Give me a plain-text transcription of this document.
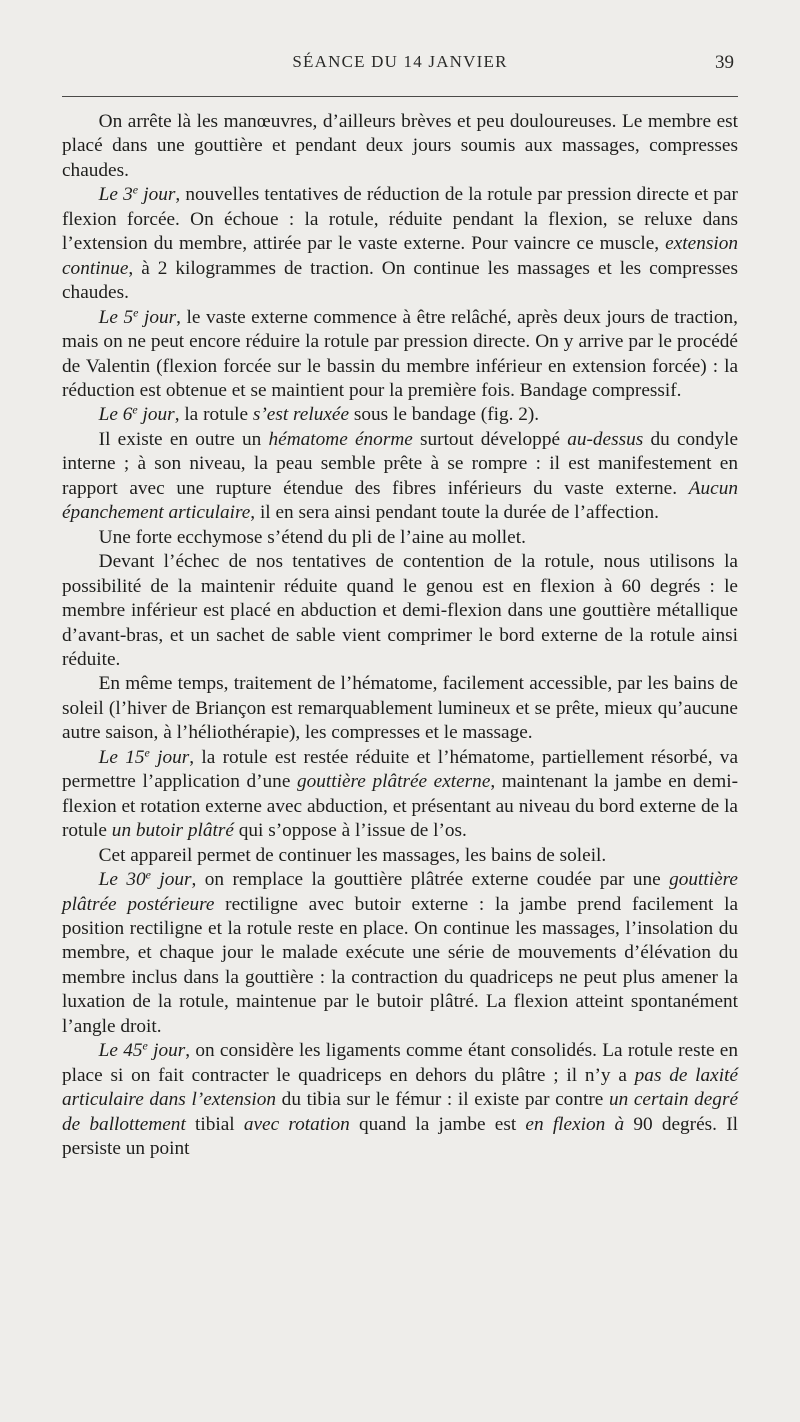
SÉANCE DU 14 JANVIER	39

On arrête là les manœuvres, d’ailleurs brèves et peu douloureuses. Le membre est placé dans une gouttière et pendant deux jours soumis aux massages, compresses chaudes.

Le 3e jour, nouvelles tentatives de réduction de la rotule par pression directe et par flexion forcée. On échoue : la rotule, réduite pendant la flexion, se reluxe dans l’extension du membre, attirée par le vaste externe. Pour vaincre ce muscle, extension continue, à 2 kilogrammes de traction. On continue les massages et les compresses chaudes.

Le 5e jour, le vaste externe commence à être relâché, après deux jours de traction, mais on ne peut encore réduire la rotule par pression directe. On y arrive par le procédé de Valentin (flexion forcée sur le bassin du membre inférieur en extension forcée) : la réduction est obtenue et se maintient pour la première fois. Bandage compressif.

Le 6e jour, la rotule s’est reluxée sous le bandage (fig. 2).

Il existe en outre un hématome énorme surtout développé au-dessus du condyle interne ; à son niveau, la peau semble prête à se rompre : il est manifestement en rapport avec une rupture étendue des fibres inférieurs du vaste externe. Aucun épanchement articulaire, il en sera ainsi pendant toute la durée de l’affection.

Une forte ecchymose s’étend du pli de l’aine au mollet.

Devant l’échec de nos tentatives de contention de la rotule, nous utilisons la possibilité de la maintenir réduite quand le genou est en flexion à 60 degrés : le membre inférieur est placé en abduction et demi-flexion dans une gouttière métallique d’avant-bras, et un sachet de sable vient comprimer le bord externe de la rotule ainsi réduite.

En même temps, traitement de l’hématome, facilement accessible, par les bains de soleil (l’hiver de Briançon est remarquablement lumineux et se prête, mieux qu’aucune autre saison, à l’héliothérapie), les compresses et le massage.

Le 15e jour, la rotule est restée réduite et l’hématome, partiellement résorbé, va permettre l’application d’une gouttière plâtrée externe, maintenant la jambe en demi-flexion et rotation externe avec abduction, et présentant au niveau du bord externe de la rotule un butoir plâtré qui s’oppose à l’issue de l’os.

Cet appareil permet de continuer les massages, les bains de soleil.

Le 30e jour, on remplace la gouttière plâtrée externe coudée par une gouttière plâtrée postérieure rectiligne avec butoir externe : la jambe prend facilement la position rectiligne et la rotule reste en place. On continue les massages, l’insolation du membre, et chaque jour le malade exécute une série de mouvements d’élévation du membre inclus dans la gouttière : la contraction du quadriceps ne peut plus amener la luxation de la rotule, maintenue par le butoir plâtré. La flexion atteint spontanément l’angle droit.

Le 45e jour, on considère les ligaments comme étant consolidés. La rotule reste en place si on fait contracter le quadriceps en dehors du plâtre ; il n’y a pas de laxité articulaire dans l’extension du tibia sur le fémur : il existe par contre un certain degré de ballottement tibial avec rotation quand la jambe est en flexion à 90 degrés. Il persiste un point
